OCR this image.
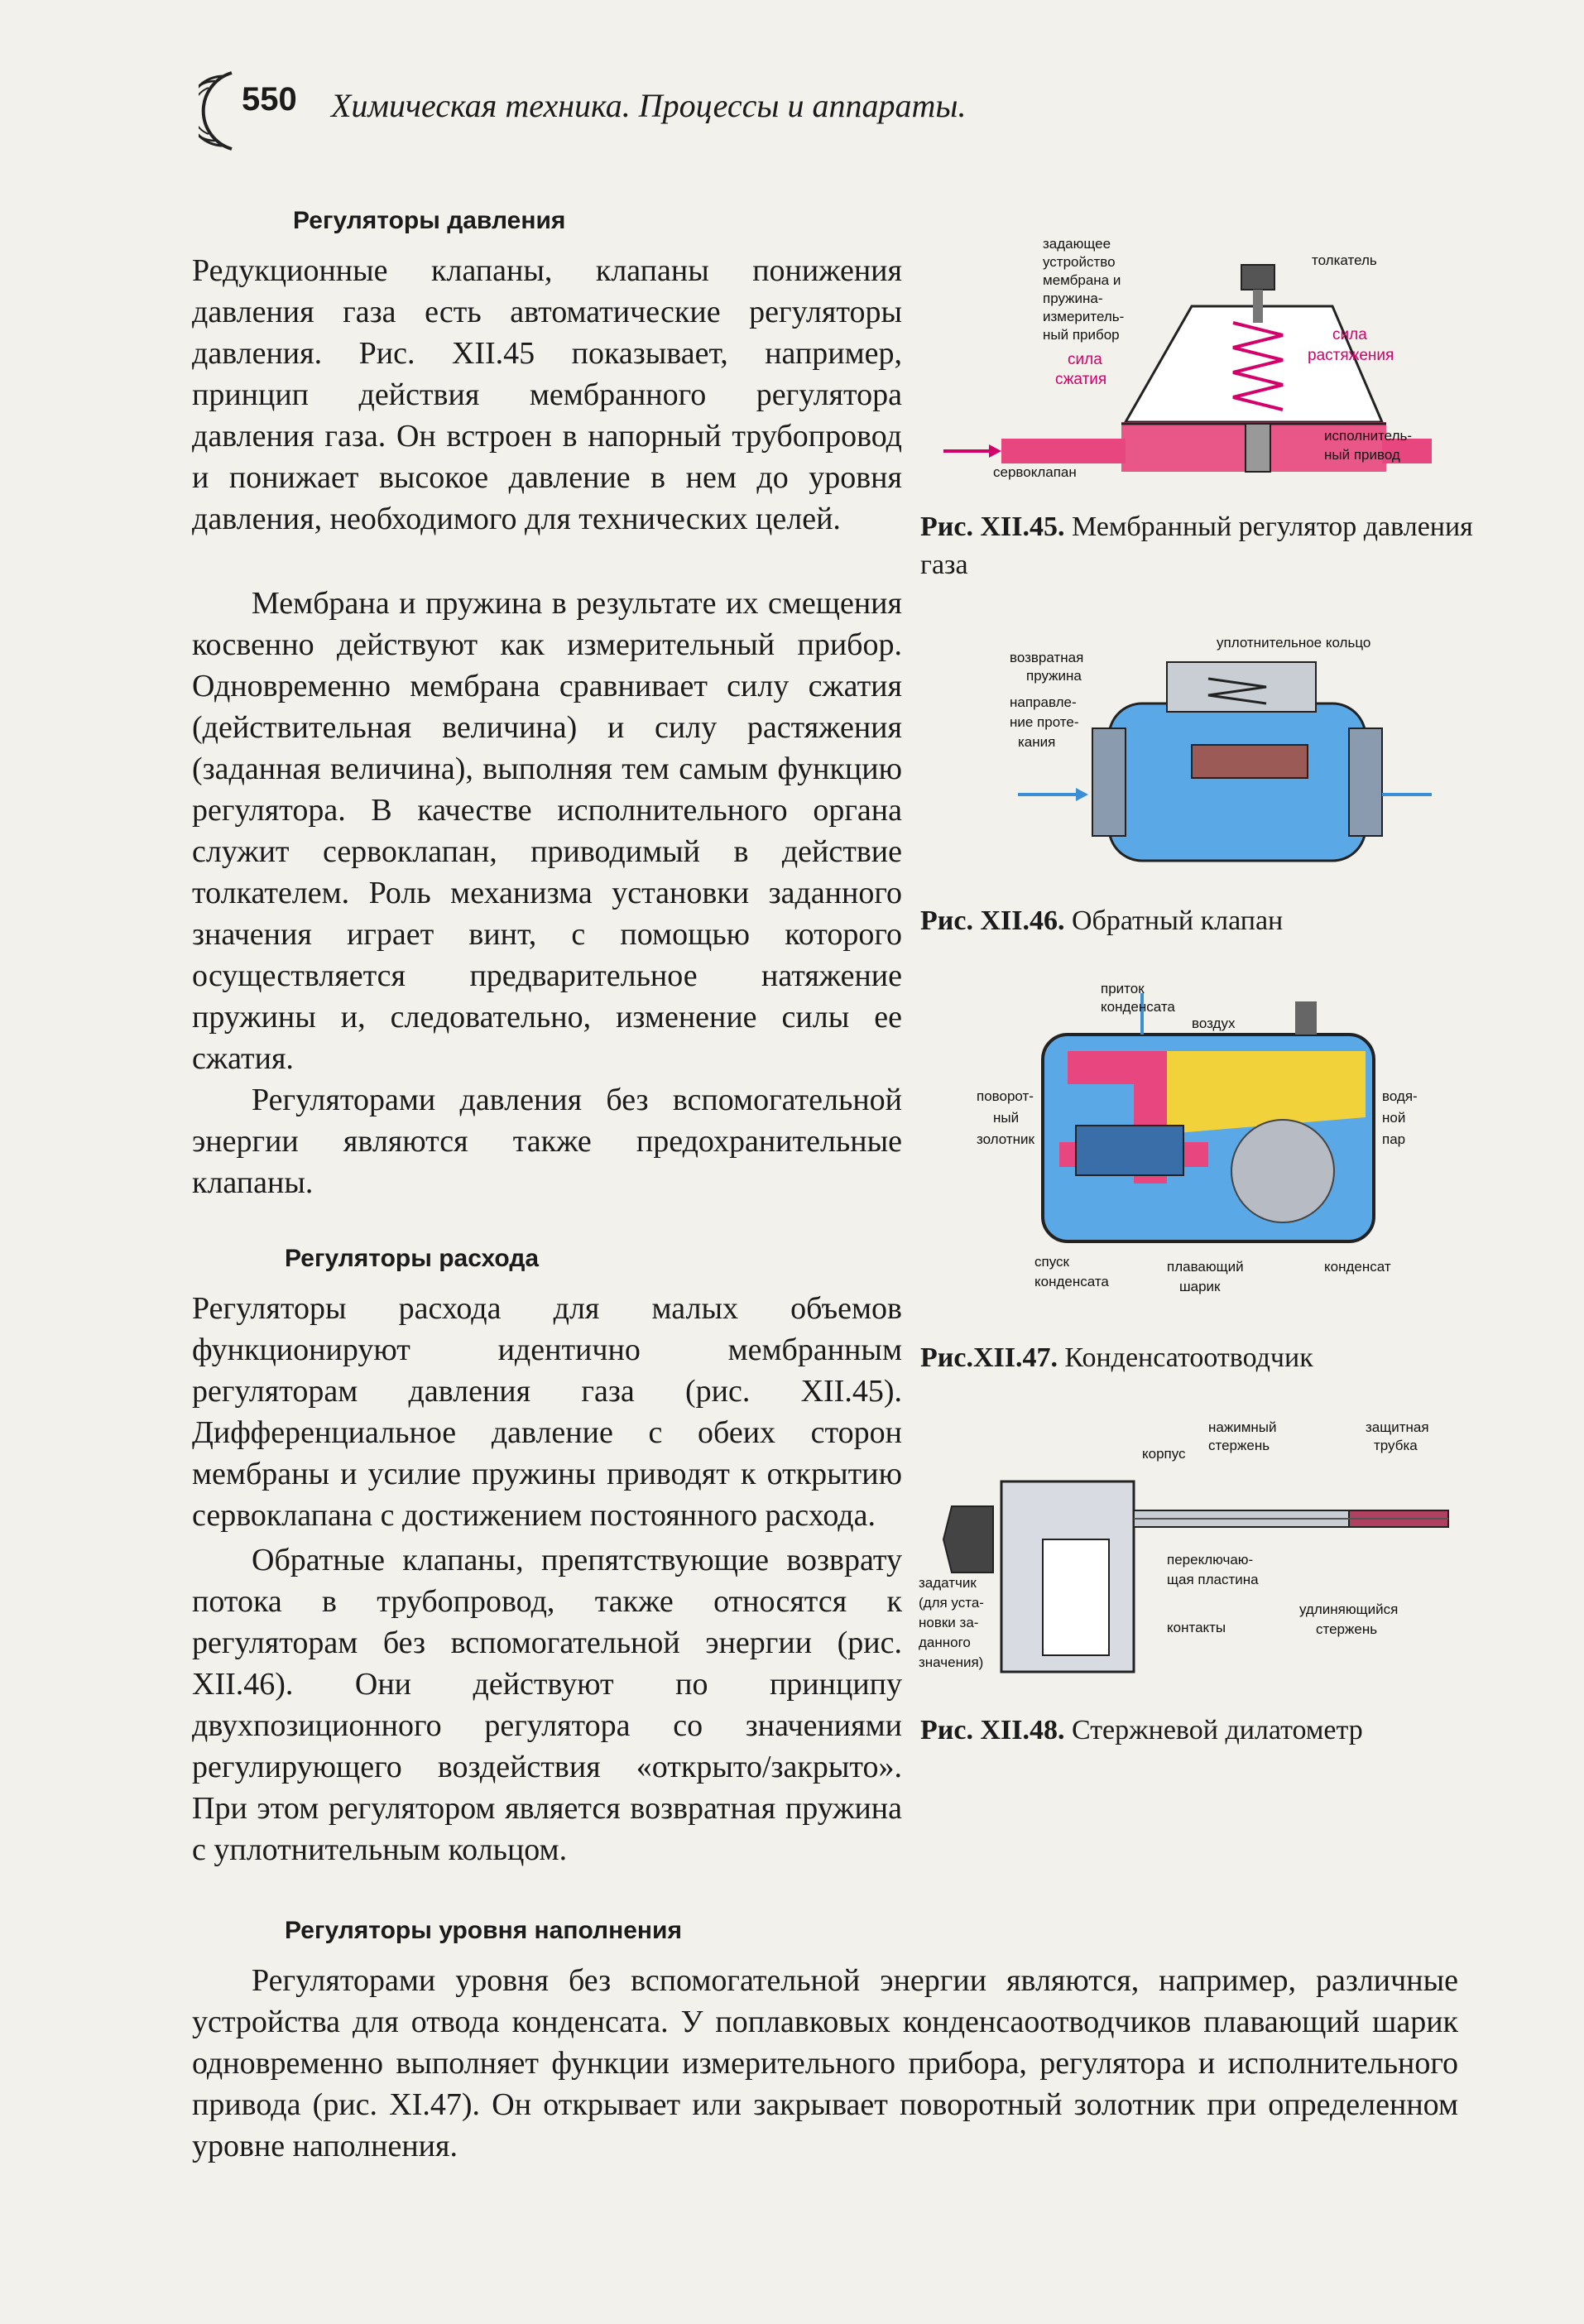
550 Химическая техника. Процессы и аппараты.
Регуляторы давления

Редукционные клапаны, клапаны понижения давления газа есть автоматические регуляторы давления. Рис. XII.45 показывает, например, принцип действия мембранного регулятора давления газа. Он встроен в напорный трубопровод и понижает высокое давление в нем до уровня давления, необходимого для технических целей.

Мембрана и пружина в результате их смещения косвенно действуют как измерительный прибор. Одновременно мембрана сравнивает силу сжатия (действительная величина) и силу растяжения (заданная величина), выполняя тем самым функцию регулятора. В качестве исполнительного органа служит сервоклапан, приводимый в действие толкателем. Роль механизма установки заданного значения играет винт, с помощью которого осуществляется предварительное натяжение пружины и, следовательно, изменение силы ее сжатия.

Регуляторами давления без вспомогательной энергии являются также предохранительные клапаны.

Регуляторы расхода

Регуляторы расхода для малых объемов функционируют идентично мембранным регуляторам давления газа (рис. XII.45). Дифференциальное давление с обеих сторон мембраны и усилие пружины приводят к открытию сервоклапана с достижением постоянного расхода.

Обратные клапаны, препятствующие возврату потока в трубопровод, также относятся к регуляторам без вспомогательной энергии (рис. XII.46). Они действуют по принципу двухпозиционного регулятора со значениями регулирующего воздействия «открыто/закрыто». При этом регулятором является возвратная пружина с уплотнительным кольцом.

Регуляторы уровня наполнения

Регуляторами уровня без вспомогательной энергии являются, например, различные устройства для отвода конденсата. У поплавковых конденсаоотводчиков плавающий шарик одновременно выполняет функции измерительного прибора, регулятора и исполнительного привода (рис. XI.47). Он открывает или закрывает поворотный золотник при определенном уровне наполнения.

задающее
устройство
мембрана и
пружина-
измеритель-
ный прибор
сила
сжатия
толкатель
сила
растяжения
исполнитель-
ный привод
сервоклапан
Рис. XII.45. Мембранный регулятор давления газа
уплотнительное кольцо
возвратная
пружина
направле-
ние проте-
кания
Рис. XII.46. Обратный клапан
приток
конденсата
воздух
поворот-
ный
золотник
водя-
ной
пар
спуск
конденсата
плавающий
шарик
конденсат
Рис.XII.47. Конденсатоотводчик
нажимный
стержень
защитная
трубка
корпус
переключаю-
щая пластина
задатчик
(для уста-
новки за-
данного
значения)
контакты
удлиняющийся
стержень
Рис. XII.48. Стержневой дилатометр
